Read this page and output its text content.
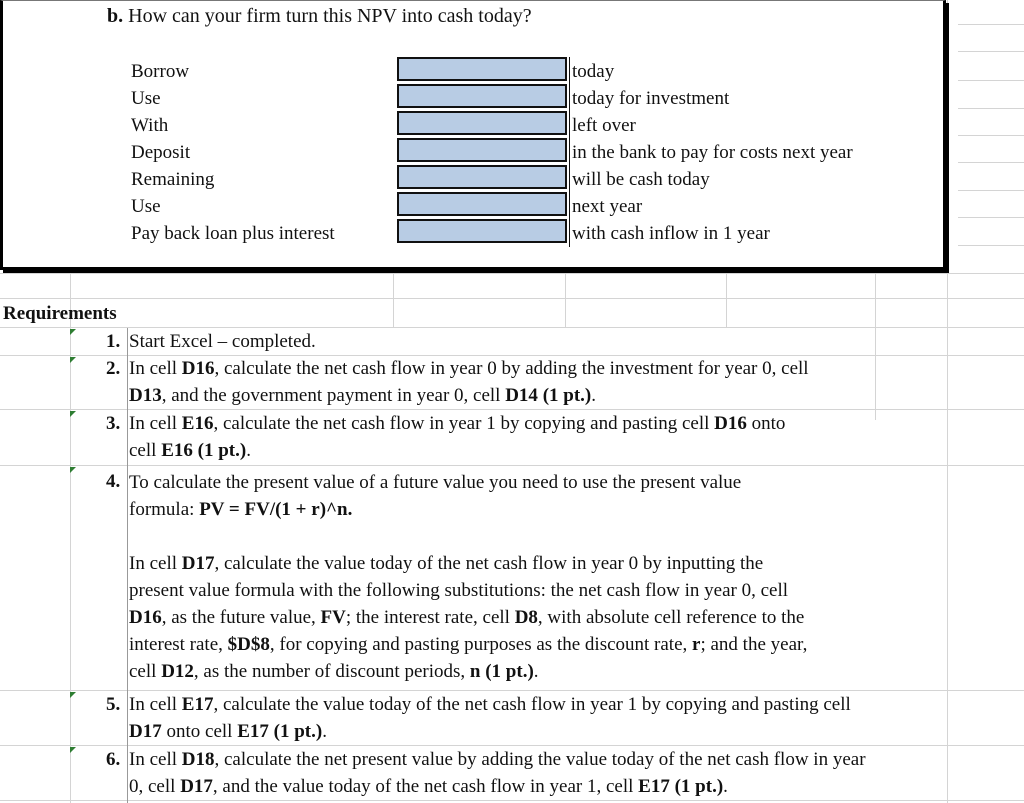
b. How can your firm turn this NPV into cash today?
Borrow
Use
With
Deposit
Remaining
Use
Pay back loan plus interest
today
today for investment
left over
in the bank to pay for costs next year
will be cash today
next year
with cash inflow in 1 year
Requirements
1. Start Excel – completed.
2. In cell D16, calculate the net cash flow in year 0 by adding the investment for year 0, cell
D13, and the government payment in year 0, cell D14 (1 pt.).
3. In cell E16, calculate the net cash flow in year 1 by copying and pasting cell D16 onto
cell E16 (1 pt.).
4. To calculate the present value of a future value you need to use the present value
formula: PV = FV/(1 + r)^n.
In cell D17, calculate the value today of the net cash flow in year 0 by inputting the
present value formula with the following substitutions: the net cash flow in year 0, cell
D16, as the future value, FV; the interest rate, cell D8, with absolute cell reference to the
interest rate, $D$8, for copying and pasting purposes as the discount rate, r; and the year,
cell D12, as the number of discount periods, n (1 pt.).
5. In cell E17, calculate the value today of the net cash flow in year 1 by copying and pasting cell
D17 onto cell E17 (1 pt.).
6. In cell D18, calculate the net present value by adding the value today of the net cash flow in year
0, cell D17, and the value today of the net cash flow in year 1, cell E17 (1 pt.).
